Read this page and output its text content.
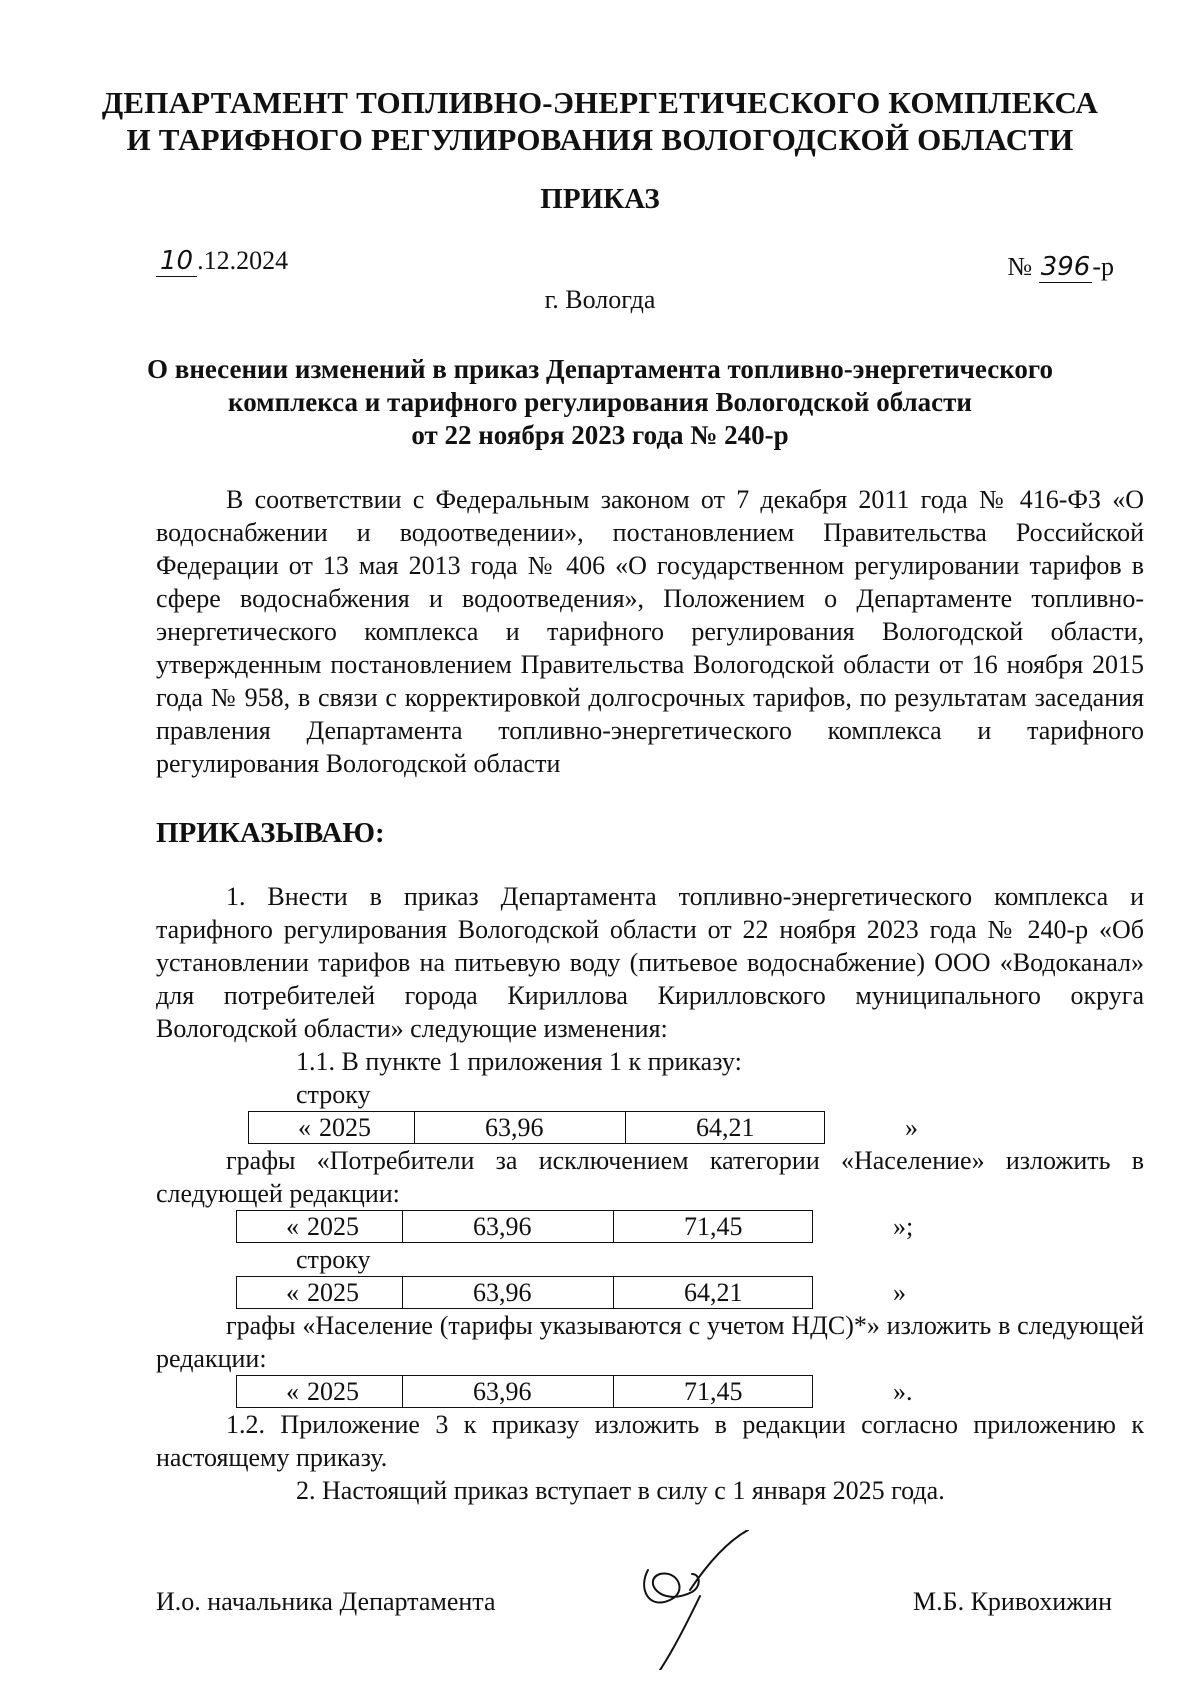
ДЕПАРТАМЕНТ ТОПЛИВНО-ЭНЕРГЕТИЧЕСКОГО КОМПЛЕКСА
И ТАРИФНОГО РЕГУЛИРОВАНИЯ ВОЛОГОДСКОЙ ОБЛАСТИ
ПРИКАЗ
10 .12.2024	№ 396-р
г. Вологда
О внесении изменений в приказ Департамента топливно-энергетического
комплекса и тарифного регулирования Вологодской области
от 22 ноября 2023 года № 240-р
В соответствии с Федеральным законом от 7 декабря 2011 года № 416-ФЗ «О водоснабжении и водоотведении», постановлением Правительства Российской Федерации от 13 мая 2013 года № 406 «О государственном регулировании тарифов в сфере водоснабжения и водоотведения», Положением о Департаменте топливно-энергетического комплекса и тарифного регулирования Вологодской области, утвержденным постановлением Правительства Вологодской области от 16 ноября 2015 года № 958, в связи с корректировкой долгосрочных тарифов, по результатам заседания правления Департамента топливно-энергетического комплекса и тарифного регулирования Вологодской области
ПРИКАЗЫВАЮ:
1. Внести в приказ Департамента топливно-энергетического комплекса и тарифного регулирования Вологодской области от 22 ноября 2023 года № 240-р «Об установлении тарифов на питьевую воду (питьевое водоснабжение) ООО «Водоканал» для потребителей города Кириллова Кирилловского муниципального округа Вологодской области» следующие изменения:
1.1. В пункте 1 приложения 1 к приказу:
строку
« 2025	63,96	64,21	»
графы «Потребители за исключением категории «Население» изложить в следующей редакции:
« 2025	63,96	71,45	»;
строку
« 2025	63,96	64,21	»
графы «Население (тарифы указываются с учетом НДС)*» изложить в следующей редакции:
« 2025	63,96	71,45	».
1.2. Приложение 3 к приказу изложить в редакции согласно приложению к настоящему приказу.
2. Настоящий приказ вступает в силу с 1 января 2025 года.
И.о. начальника Департамента	М.Б. Кривохижин
